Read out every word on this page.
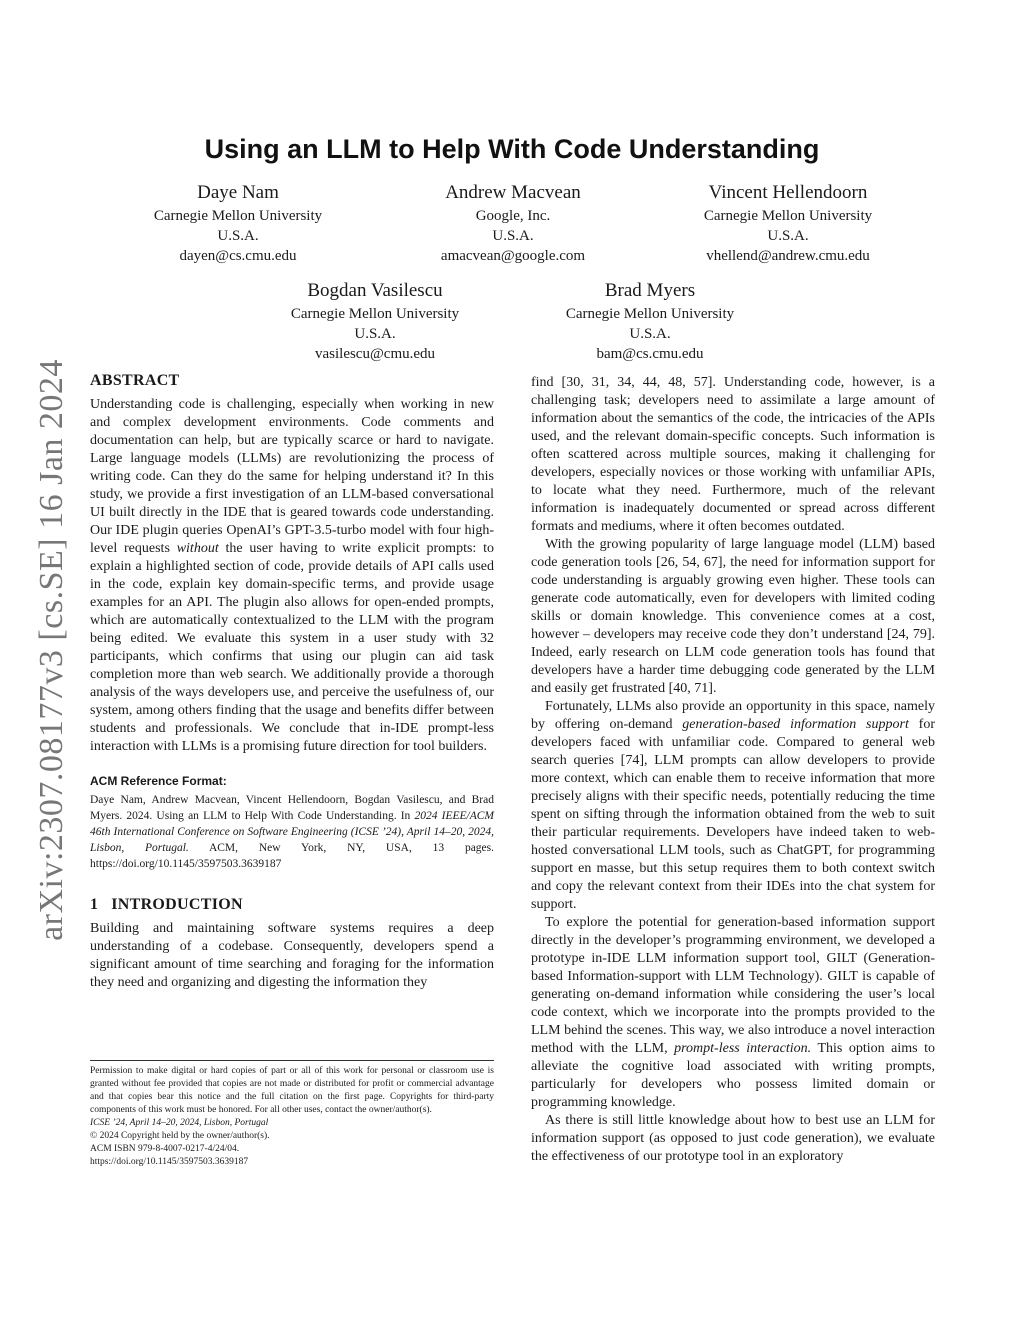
arXiv:2307.08177v3 [cs.SE] 16 Jan 2024
Using an LLM to Help With Code Understanding
Daye Nam
Carnegie Mellon University
U.S.A.
dayen@cs.cmu.edu
Andrew Macvean
Google, Inc.
U.S.A.
amacvean@google.com
Vincent Hellendoorn
Carnegie Mellon University
U.S.A.
vhellend@andrew.cmu.edu
Bogdan Vasilescu
Carnegie Mellon University
U.S.A.
vasilescu@cmu.edu
Brad Myers
Carnegie Mellon University
U.S.A.
bam@cs.cmu.edu

ABSTRACT

Understanding code is challenging, especially when working in new and complex development environments. Code comments and documentation can help, but are typically scarce or hard to navigate. Large language models (LLMs) are revolutionizing the process of writing code. Can they do the same for helping understand it? In this study, we provide a first investigation of an LLM-based conversational UI built directly in the IDE that is geared towards code understanding. Our IDE plugin queries OpenAI’s GPT-3.5-turbo model with four high-level requests without the user having to write explicit prompts: to explain a highlighted section of code, provide details of API calls used in the code, explain key domain-specific terms, and provide usage examples for an API. The plugin also allows for open-ended prompts, which are automatically contextualized to the LLM with the program being edited. We evaluate this system in a user study with 32 participants, which confirms that using our plugin can aid task completion more than web search. We additionally provide a thorough analysis of the ways developers use, and perceive the usefulness of, our system, among others finding that the usage and benefits differ between students and professionals. We conclude that in-IDE prompt-less interaction with LLMs is a promising future direction for tool builders.

ACM Reference Format:

Daye Nam, Andrew Macvean, Vincent Hellendoorn, Bogdan Vasilescu, and Brad Myers. 2024. Using an LLM to Help With Code Understanding. In 2024 IEEE/ACM 46th International Conference on Software Engineering (ICSE ’24), April 14–20, 2024, Lisbon, Portugal. ACM, New York, NY, USA, 13 pages. https://doi.org/10.1145/3597503.3639187

1 INTRODUCTION

Building and maintaining software systems requires a deep understanding of a codebase. Consequently, developers spend a significant amount of time searching and foraging for the information they need and organizing and digesting the information they

Permission to make digital or hard copies of part or all of this work for personal or classroom use is granted without fee provided that copies are not made or distributed for profit or commercial advantage and that copies bear this notice and the full citation on the first page. Copyrights for third-party components of this work must be honored. For all other uses, contact the owner/author(s).

ICSE ’24, April 14–20, 2024, Lisbon, Portugal

© 2024 Copyright held by the owner/author(s).

ACM ISBN 979-8-4007-0217-4/24/04.

https://doi.org/10.1145/3597503.3639187

find [30, 31, 34, 44, 48, 57]. Understanding code, however, is a challenging task; developers need to assimilate a large amount of information about the semantics of the code, the intricacies of the APIs used, and the relevant domain-specific concepts. Such information is often scattered across multiple sources, making it challenging for developers, especially novices or those working with unfamiliar APIs, to locate what they need. Furthermore, much of the relevant information is inadequately documented or spread across different formats and mediums, where it often becomes outdated.

With the growing popularity of large language model (LLM) based code generation tools [26, 54, 67], the need for information support for code understanding is arguably growing even higher. These tools can generate code automatically, even for developers with limited coding skills or domain knowledge. This convenience comes at a cost, however – developers may receive code they don’t understand [24, 79]. Indeed, early research on LLM code generation tools has found that developers have a harder time debugging code generated by the LLM and easily get frustrated [40, 71].

Fortunately, LLMs also provide an opportunity in this space, namely by offering on-demand generation-based information support for developers faced with unfamiliar code. Compared to general web search queries [74], LLM prompts can allow developers to provide more context, which can enable them to receive information that more precisely aligns with their specific needs, potentially reducing the time spent on sifting through the information obtained from the web to suit their particular requirements. Developers have indeed taken to web-hosted conversational LLM tools, such as ChatGPT, for programming support en masse, but this setup requires them to both context switch and copy the relevant context from their IDEs into the chat system for support.

To explore the potential for generation-based information support directly in the developer’s programming environment, we developed a prototype in-IDE LLM information support tool, GILT (Generation-based Information-support with LLM Technology). GILT is capable of generating on-demand information while considering the user’s local code context, which we incorporate into the prompts provided to the LLM behind the scenes. This way, we also introduce a novel interaction method with the LLM, prompt-less interaction. This option aims to alleviate the cognitive load associated with writing prompts, particularly for developers who possess limited domain or programming knowledge.

As there is still little knowledge about how to best use an LLM for information support (as opposed to just code generation), we evaluate the effectiveness of our prototype tool in an exploratory
